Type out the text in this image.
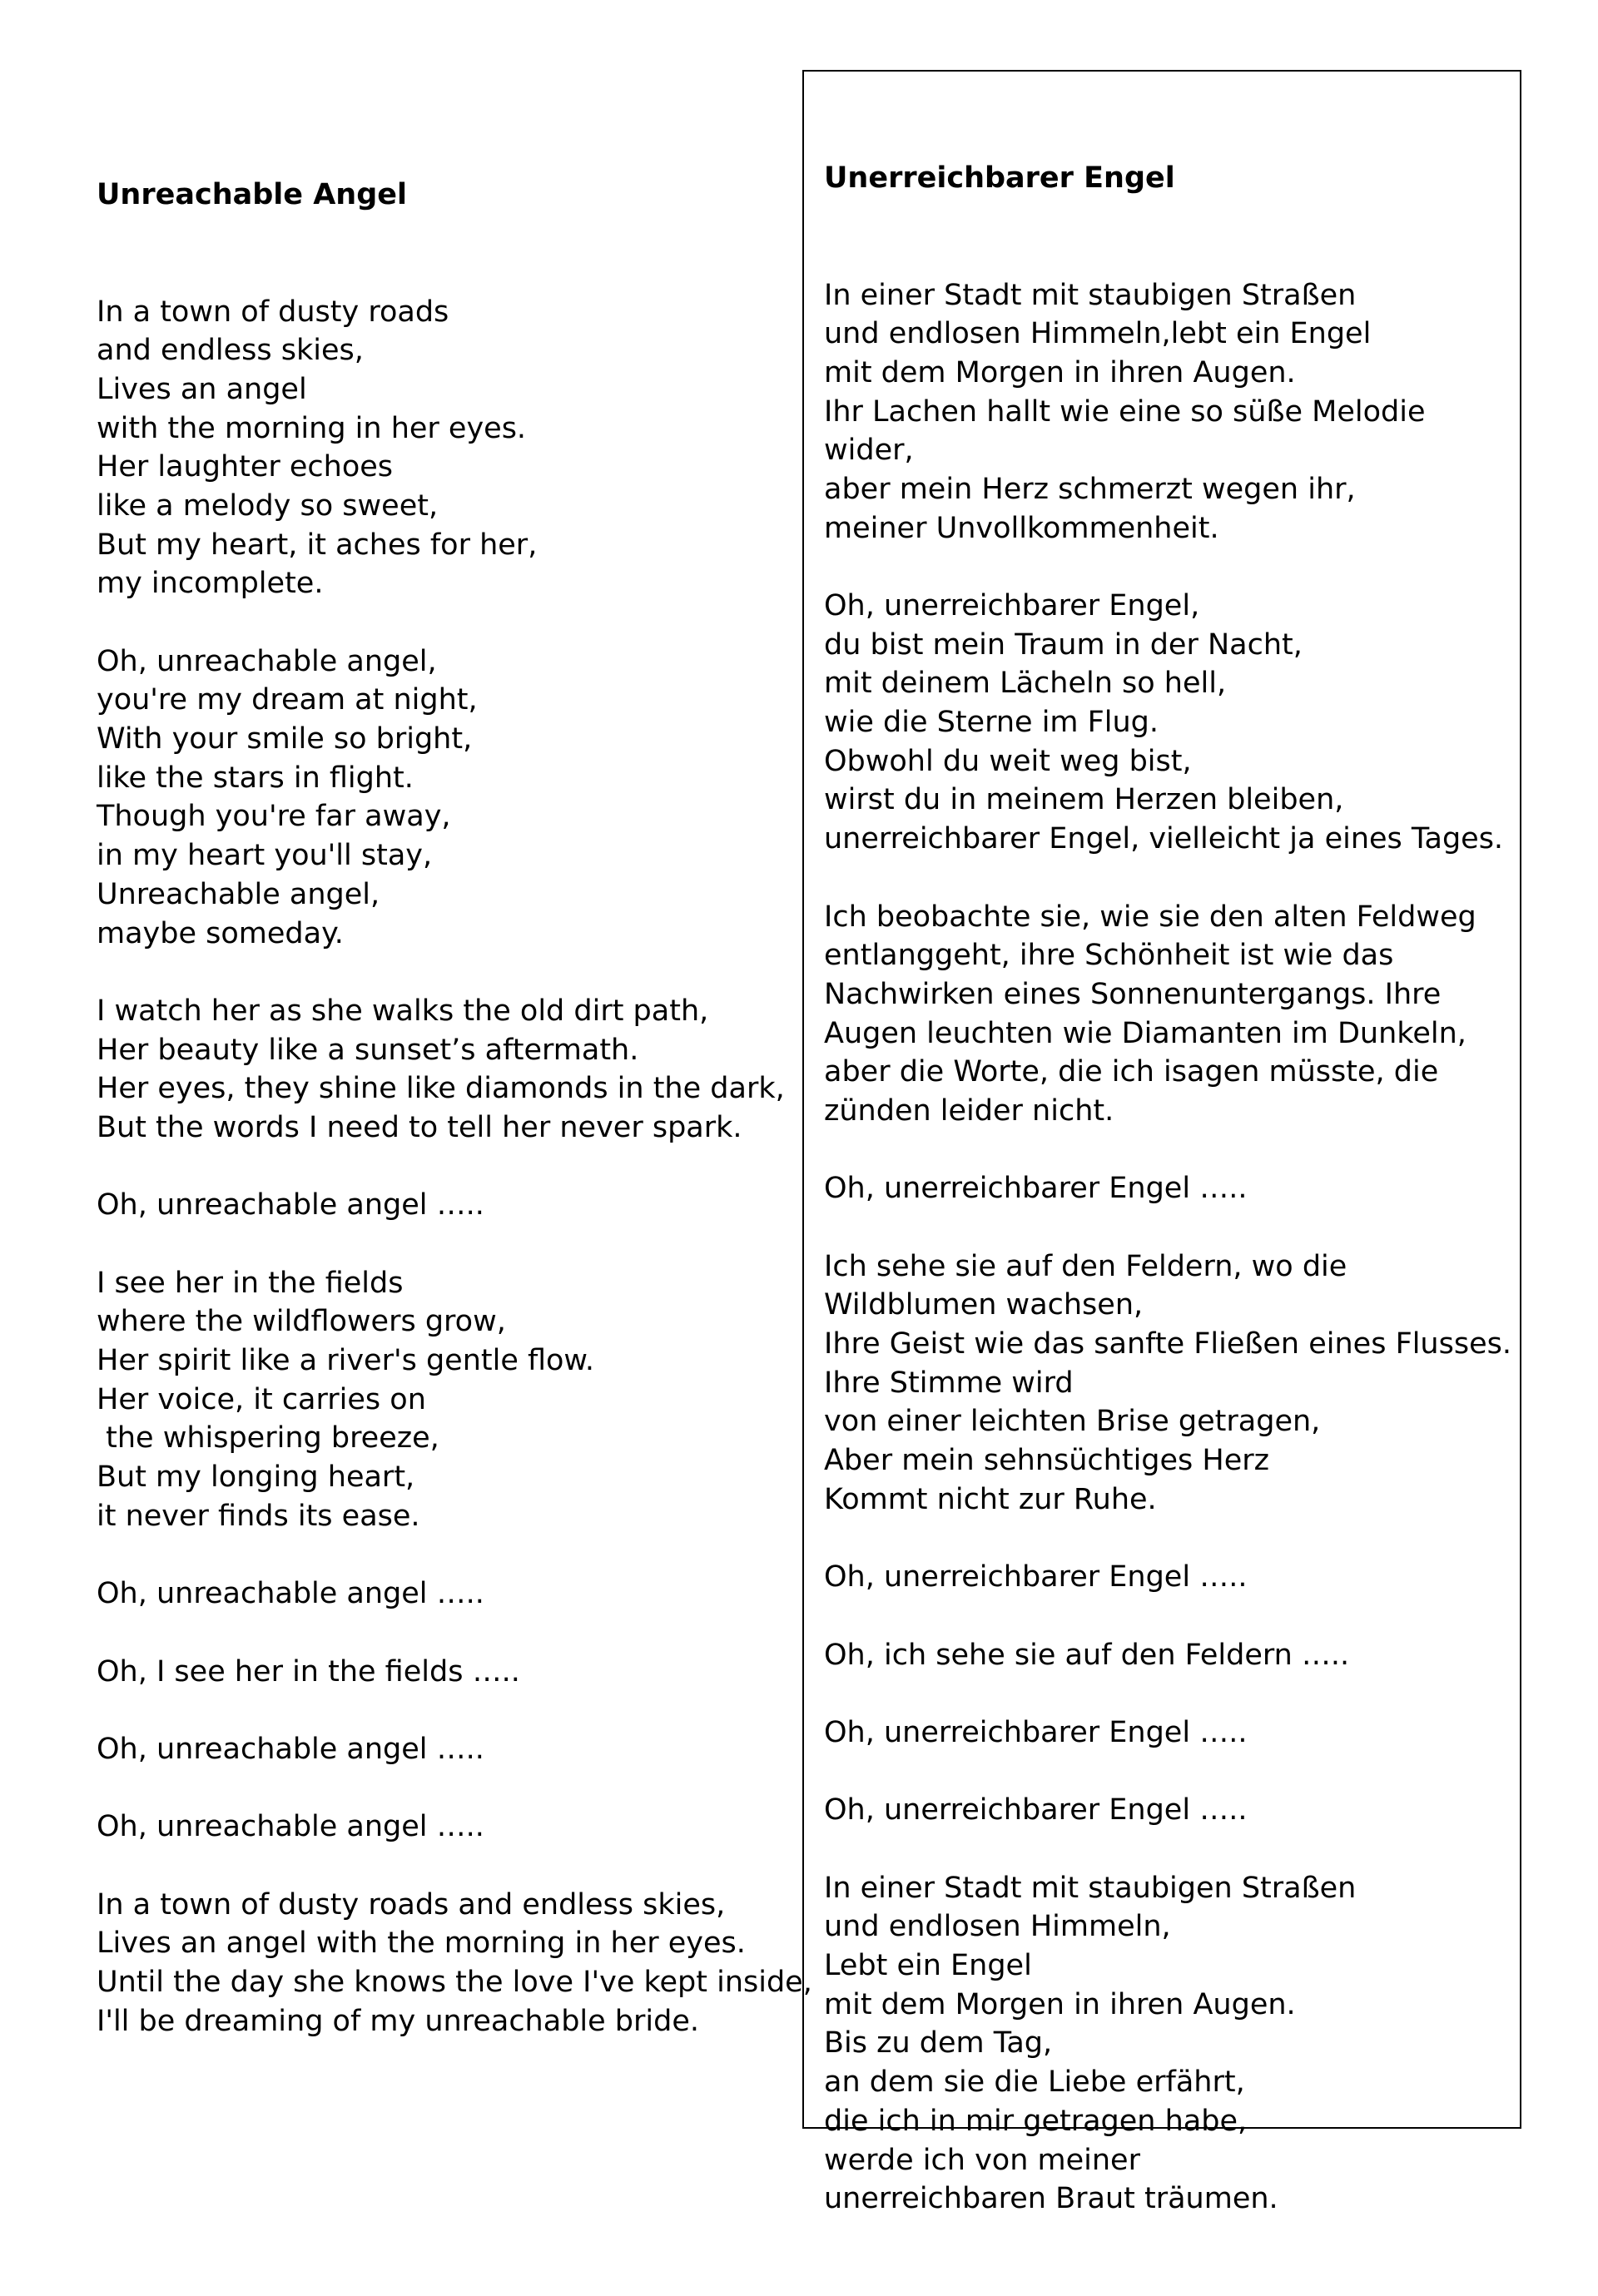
Unreachable Angel

In a town of dusty roads
and endless skies,
Lives an angel
with the morning in her eyes.
Her laughter echoes
like a melody so sweet,
But my heart, it aches for her,
my incomplete.
Oh, unreachable angel,
you're my dream at night,
With your smile so bright,
like the stars in flight.
Though you're far away,
in my heart you'll stay,
Unreachable angel,
maybe someday.
I watch her as she walks the old dirt path,
Her beauty like a sunset’s aftermath.
Her eyes, they shine like diamonds in the dark,
But the words I need to tell her never spark.
Oh, unreachable angel …..
I see her in the fields
where the wildflowers grow,
Her spirit like a river's gentle flow.
Her voice, it carries on
the whispering breeze,
But my longing heart,
it never finds its ease.
Oh, unreachable angel …..
Oh, I see her in the fields …..
Oh, unreachable angel …..
Oh, unreachable angel …..
In a town of dusty roads and endless skies,
Lives an angel with the morning in her eyes.
Until the day she knows the love I've kept inside,
I'll be dreaming of my unreachable bride.

Unerreichbarer Engel

In einer Stadt mit staubigen Straßen
und endlosen Himmeln,lebt ein Engel
mit dem Morgen in ihren Augen.
Ihr Lachen hallt wie eine so süße Melodie
wider,
aber mein Herz schmerzt wegen ihr,
meiner Unvollkommenheit.
Oh, unerreichbarer Engel,
du bist mein Traum in der Nacht,
mit deinem Lächeln so hell,
wie die Sterne im Flug.
Obwohl du weit weg bist,
wirst du in meinem Herzen bleiben,
unerreichbarer Engel, vielleicht ja eines Tages.
Ich beobachte sie, wie sie den alten Feldweg
entlanggeht, ihre Schönheit ist wie das
Nachwirken eines Sonnenuntergangs. Ihre
Augen leuchten wie Diamanten im Dunkeln,
aber die Worte, die ich isagen müsste, die
zünden leider nicht.
Oh, unerreichbarer Engel …..
Ich sehe sie auf den Feldern, wo die
Wildblumen wachsen,
Ihre Geist wie das sanfte Fließen eines Flusses.
Ihre Stimme wird
von einer leichten Brise getragen,
Aber mein sehnsüchtiges Herz
Kommt nicht zur Ruhe.
Oh, unerreichbarer Engel …..
Oh, ich sehe sie auf den Feldern …..
Oh, unerreichbarer Engel …..
Oh, unerreichbarer Engel …..
In einer Stadt mit staubigen Straßen
und endlosen Himmeln,
Lebt ein Engel
mit dem Morgen in ihren Augen.
Bis zu dem Tag,
an dem sie die Liebe erfährt,
die ich in mir getragen habe,
werde ich von meiner
unerreichbaren Braut träumen.
